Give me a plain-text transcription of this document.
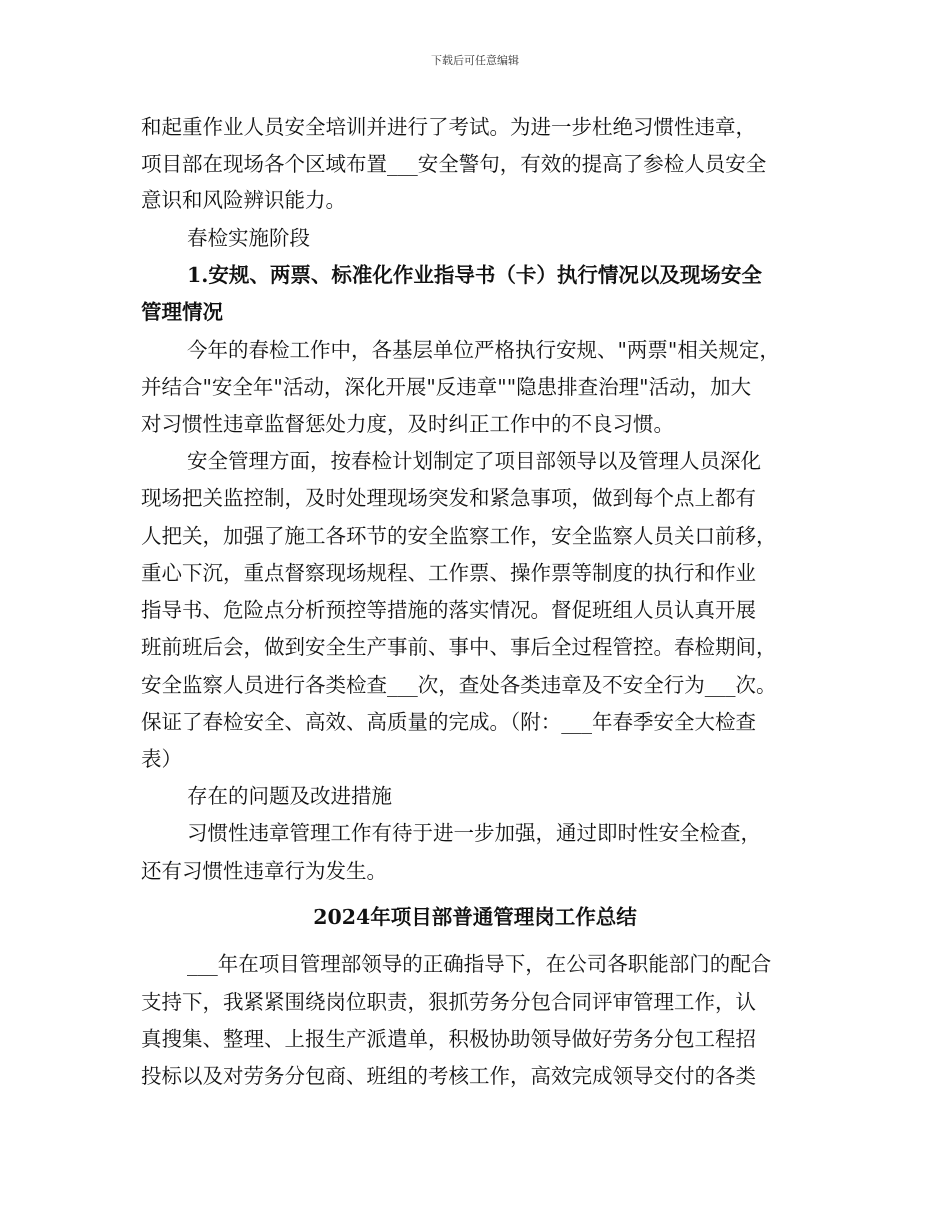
下载后可任意编辑
和起重作业人员安全培训并进行了考试。为进一步杜绝习惯性违章，
项目部在现场各个区域布置___安全警句，有效的提高了参检人员安全
意识和风险辨识能力。
春检实施阶段
1.安规、两票、标准化作业指导书（卡）执行情况以及现场安全
管理情况
今年的春检工作中，各基层单位严格执行安规、"两票"相关规定，
并结合"安全年"活动，深化开展"反违章""隐患排查治理"活动，加大
对习惯性违章监督惩处力度，及时纠正工作中的不良习惯。
安全管理方面，按春检计划制定了项目部领导以及管理人员深化
现场把关监控制，及时处理现场突发和紧急事项，做到每个点上都有
人把关，加强了施工各环节的安全监察工作，安全监察人员关口前移，
重心下沉，重点督察现场规程、工作票、操作票等制度的执行和作业
指导书、危险点分析预控等措施的落实情况。督促班组人员认真开展
班前班后会，做到安全生产事前、事中、事后全过程管控。春检期间，
安全监察人员进行各类检查___次，查处各类违章及不安全行为___次。
保证了春检安全、高效、高质量的完成。（附：___年春季安全大检查
表）
存在的问题及改进措施
习惯性违章管理工作有待于进一步加强，通过即时性安全检查，
还有习惯性违章行为发生。
2024年项目部普通管理岗工作总结
___年在项目管理部领导的正确指导下，在公司各职能部门的配合
支持下，我紧紧围绕岗位职责，狠抓劳务分包合同评审管理工作，认
真搜集、整理、上报生产派遣单，积极协助领导做好劳务分包工程招
投标以及对劳务分包商、班组的考核工作，高效完成领导交付的各类
